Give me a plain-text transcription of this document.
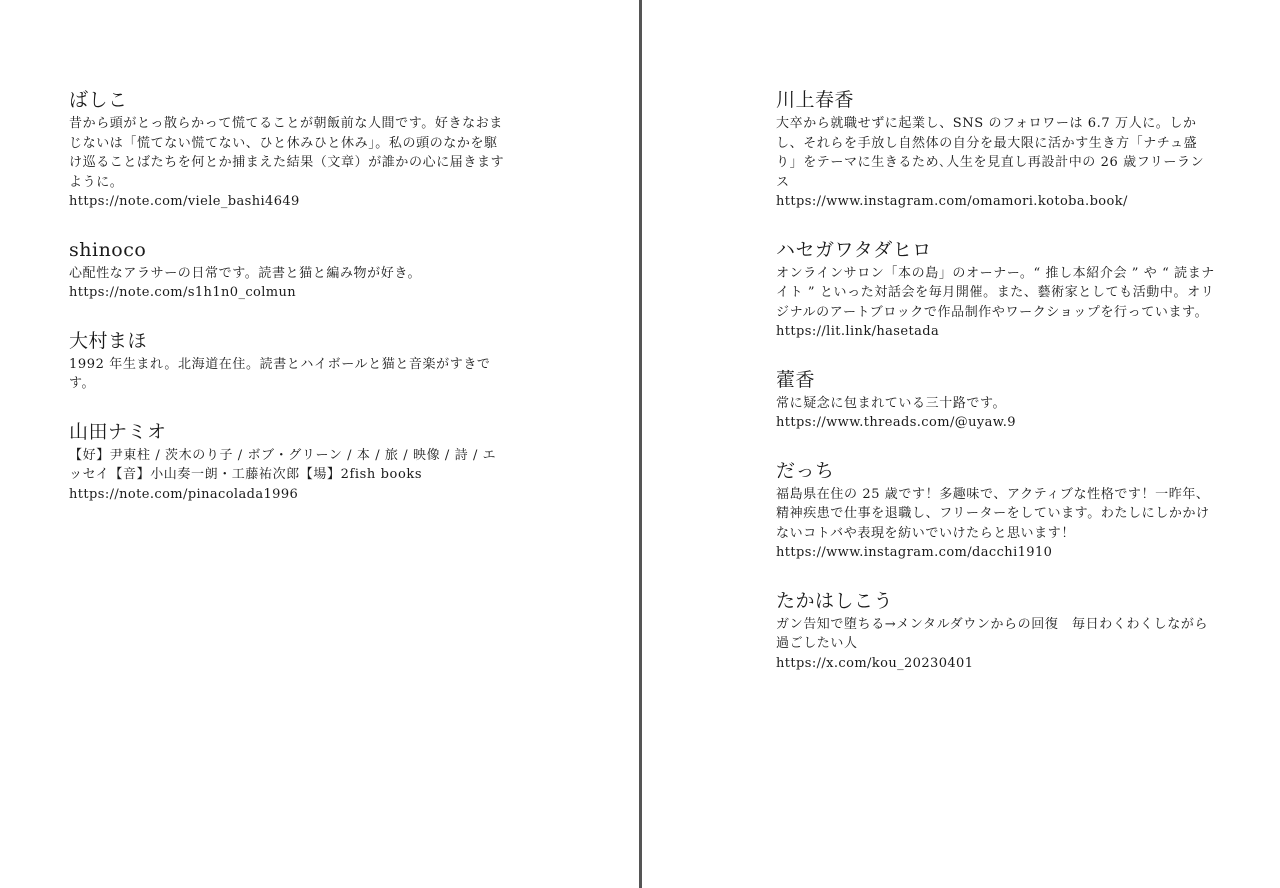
ばしこ

昔から頭がとっ散らかって慌てることが朝飯前な人間です。好きなおまじないは「慌てない慌てない、ひと休みひと休み」。私の頭のなかを駆け巡ることばたちを何とか捕まえた結果（文章）が誰かの心に届きますように。

https://note.com/viele_bashi4649

shinoco

心配性なアラサーの日常です。読書と猫と編み物が好き。

https://note.com/s1h1n0_colmun

大村まほ

1992 年生まれ。北海道在住。読書とハイボールと猫と音楽がすきです。

山田ナミオ

【好】尹東柱 / 茨木のり子 / ボブ・グリーン / 本 / 旅 / 映像 / 詩 / エッセイ【音】小山奏一朗・工藤祐次郎【場】2fish books

https://note.com/pinacolada1996

川上春香

大卒から就職せずに起業し、SNS のフォロワーは 6.7 万人に。しかし、それらを手放し自然体の自分を最大限に活かす生き方「ナチュ盛り」をテーマに生きるため､人生を見直し再設計中の 26 歳フリーランス

https://www.instagram.com/omamori.kotoba.book/

ハセガワタダヒロ

オンラインサロン「本の島」のオーナー。“ 推し本紹介会 ” や “ 読まナイト ” といった対話会を毎月開催。また、藝術家としても活動中。オリジナルのアートブロックで作品制作やワークショップを行っています。

https://lit.link/hasetada

藿香

常に疑念に包まれている三十路です。

https://www.threads.com/@uyaw.9

だっち

福島県在住の 25 歳です！多趣味で、アクティブな性格です！一昨年、精神疾患で仕事を退職し、フリーターをしています。わたしにしかかけないコトバや表現を紡いでいけたらと思います！

https://www.instagram.com/dacchi1910

たかはしこう

ガン告知で堕ちる→メンタルダウンからの回復　毎日わくわくしながら過ごしたい人

https://x.com/kou_20230401
